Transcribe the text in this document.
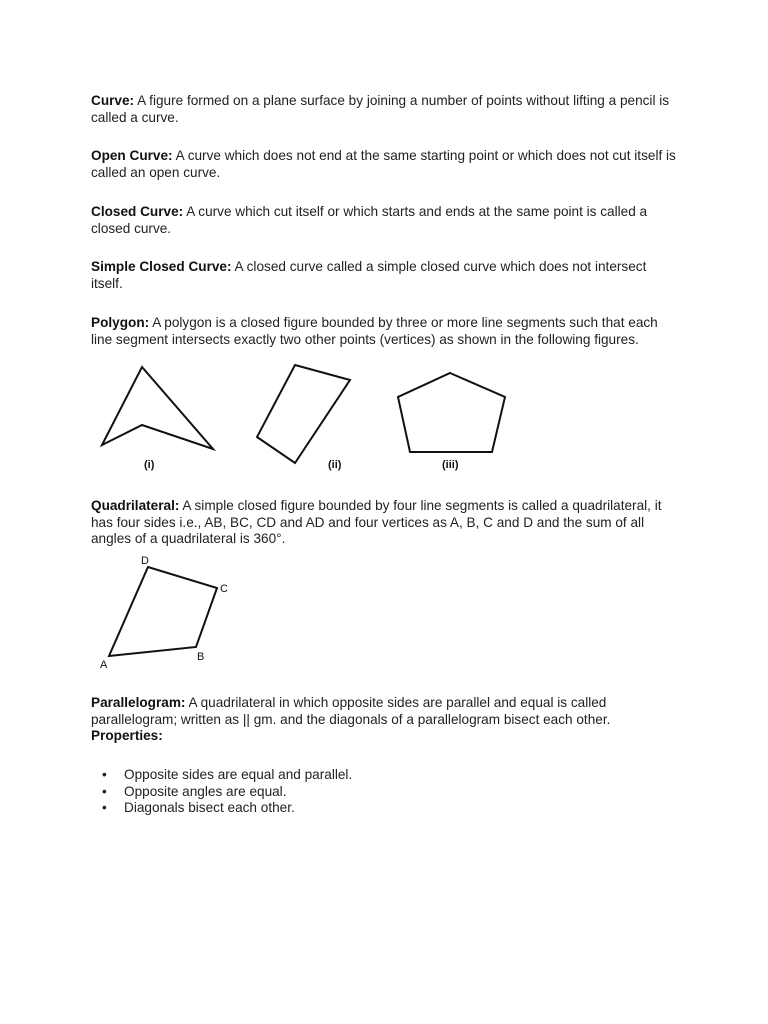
Curve: A figure formed on a plane surface by joining a number of points without lifting a pencil is called a curve.

Open Curve: A curve which does not end at the same starting point or which does not cut itself is called an open curve.

Closed Curve: A curve which cut itself or which starts and ends at the same point is called a closed curve.

Simple Closed Curve: A closed curve called a simple closed curve which does not intersect itself.

Polygon: A polygon is a closed figure bounded by three or more line segments such that each line segment intersects exactly two other points (vertices) as shown in the following figures.

(i)	(ii)	(iii)

Quadrilateral: A simple closed figure bounded by four line segments is called a quadrilateral, it has four sides i.e., AB, BC, CD and AD and four vertices as A, B, C and D and the sum of all angles of a quadrilateral is 360°.

D
C
B
A

Parallelogram: A quadrilateral in which opposite sides are parallel and equal is called parallelogram; written as || gm. and the diagonals of a parallelogram bisect each other.

Properties:
• Opposite sides are equal and parallel.
• Opposite angles are equal.
• Diagonals bisect each other.
